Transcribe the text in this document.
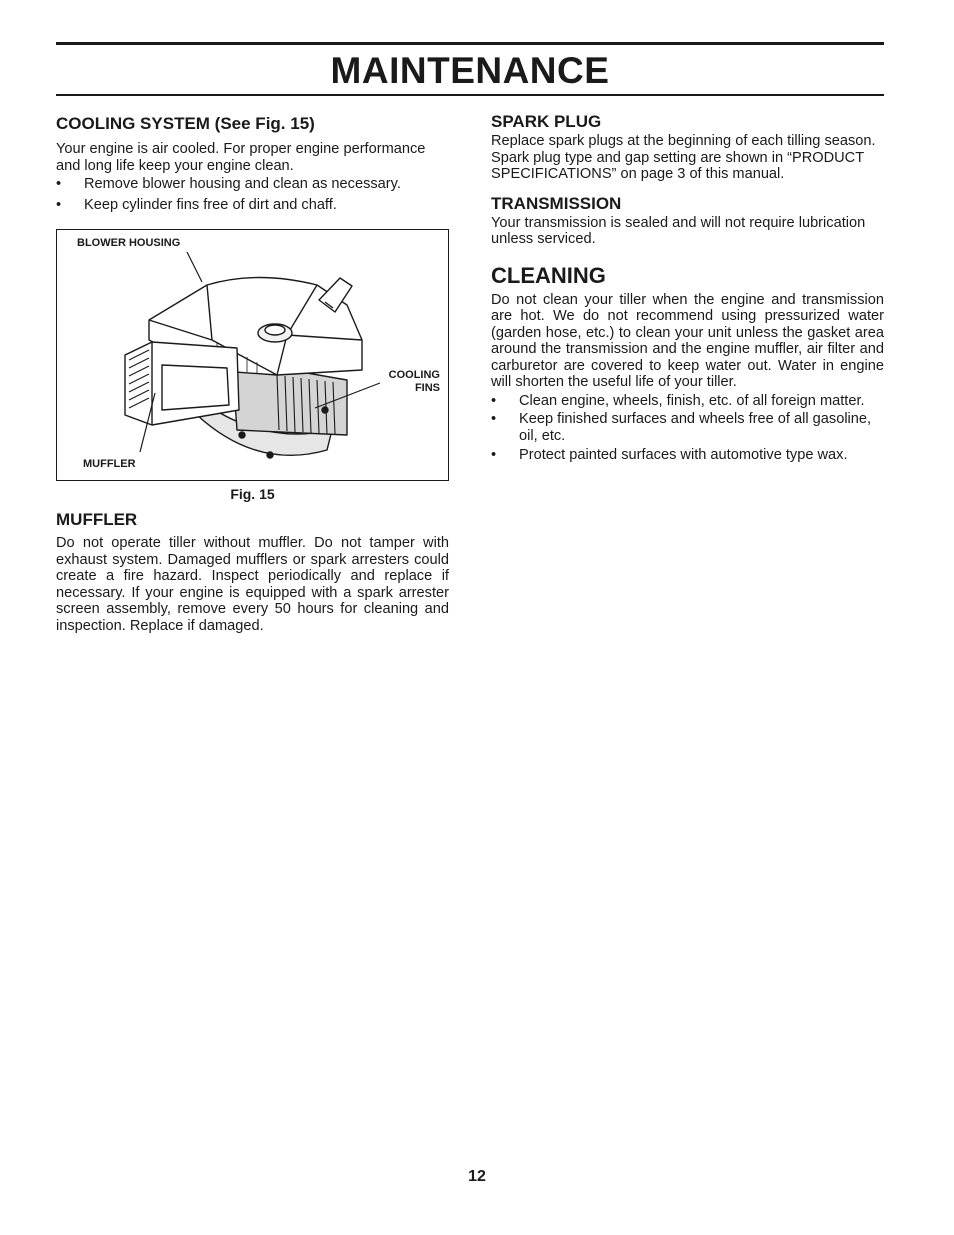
MAINTENANCE
COOLING SYSTEM (See Fig. 15)

Your engine is air cooled. For proper engine performance and long life keep your engine clean.

• Remove blower housing and clean as necessary.
• Keep cylinder fins free of dirt and chaff.
BLOWER HOUSING
COOLING
FINS
MUFFLER
Fig. 15
MUFFLER

Do not operate tiller without muffler. Do not tamper with exhaust system. Damaged mufflers or spark arresters could create a fire hazard. Inspect periodically and replace if necessary. If your engine is equipped with a spark arrester screen assembly, remove every 50 hours for cleaning and inspection. Replace if damaged.

SPARK PLUG

Replace spark plugs at the beginning of each tilling season. Spark plug type and gap setting are shown in “PRODUCT SPECIFICATIONS” on page 3 of this manual.

TRANSMISSION

Your transmission is sealed and will not require lubrication unless serviced.

CLEANING

Do not clean your tiller when the engine and transmission are hot. We do not recommend using pressurized water (garden hose, etc.) to clean your unit unless the gasket area around the transmission and the engine muffler, air filter and carburetor are covered to keep water out. Water in engine will shorten the useful life of your tiller.

• Clean engine, wheels, finish, etc. of all foreign matter.
• Keep finished surfaces and wheels free of all gasoline, oil, etc.
• Protect painted surfaces with automotive type wax.
12
